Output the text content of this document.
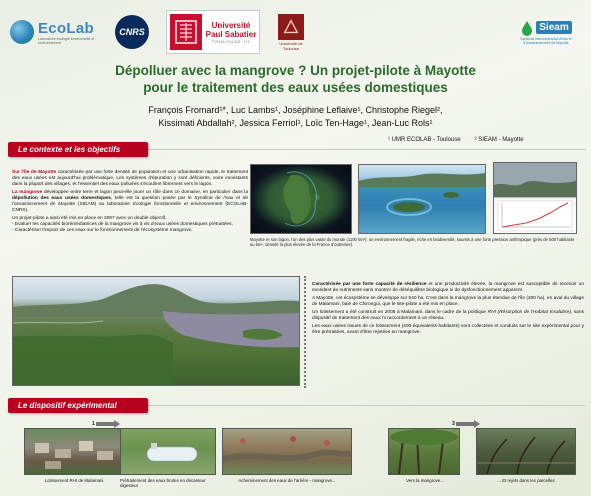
EcoLab
Laboratoire écologie fonctionnelle et environnement
CNRS
Université
Paul Sabatier
TOULOUSE III	Université de Toulouse
Sieam
Syndicat Intercommunal d'Eau et d'Assainissement de Mayotte
Dépolluer avec la mangrove ? Un projet-pilote à Mayotte
pour le traitement des eaux usées domestiques
François Fromard¹*, Luc Lambs¹, Joséphine Leflaive¹, Christophe Riegel²,
Kissimati Abdallah², Jessica Ferriol¹, Loïc Ten-Hage¹, Jean-Luc Rols¹
¹ UMR ECOLAB - Toulouse ² SIEAM - Mayotte
Le contexte et les objectifs

Sur l'île de Mayotte caractérisée par une forte densité de population et une urbanisation rapide, le traitement des eaux usées est aujourd'hui problématique. Les systèmes d'épuration y sont déficients, voire inexistants dans la plupart des villages, et l'essentiel des eaux polluées s'écoulent librement vers le lagon.

La mangrove développée entre terre et lagon peut-elle jouer un rôle dans ce domaine, en particulier dans la dépollution des eaux usées domestiques, telle est la question posée par le Syndicat de l'eau et de l'assainissement de Mayotte (SIEAM) au laboratoire Ecologie fonctionnelle et environnement (ECOLAB-CNRS).

Un projet-pilote a ainsi été mis en place en 2007 avec un double objectif,

- Evaluer les capacités biorémédiatrices de la mangrove vis à vis d'eaux usées domestiques prétraitées,

- Caractériser l'impact de ces eaux sur le fonctionnement de l'écosystème mangrove.

Mayotte et son lagon, l'un des plus vaste du monde (1100 km²): un environnement fragile, riche en biodiversité, soumis à une forte pression anthropique (près de 600 habitants au km², densité la plus élevée de la France d'outremer).

Caractérisée par une forte capacité de résilience et une productivité élevée, la mangrove est susceptible de recevoir un excédent de nutriments sans montrer de déséquilibre biologique ni de dysfonctionnement apparent.

A Mayotte, cet écosystème se développe sur 640 ha. C'est dans la mangrove la plus étendue de l'île (200 ha), en aval du village de Malamani, baie de Chirongui, que le site-pilote a été mis en place.

Un lotissement a été construit en 2006 à Malamani, dans le cadre de la politique RHI (Résorption de l'Habitat Insalubre), sans dispositif de traitement des eaux ni raccordement à un réseau.

Les eaux usées issues de ce lotissement (400 équivalents-habitants) sont collectées et conduits sur le site expérimental pour y être prétraitées, avant d'être rejetées en mangrove.

Le dispositif expérimental
1	3
Lotissement RHI de Malamani	Prétraitement des eaux brutes en décanteur digesteur
Acheminement des eaux de l'arrière - mangrove...	Vers la mangrove...	... Et rejets dans les parcelles
